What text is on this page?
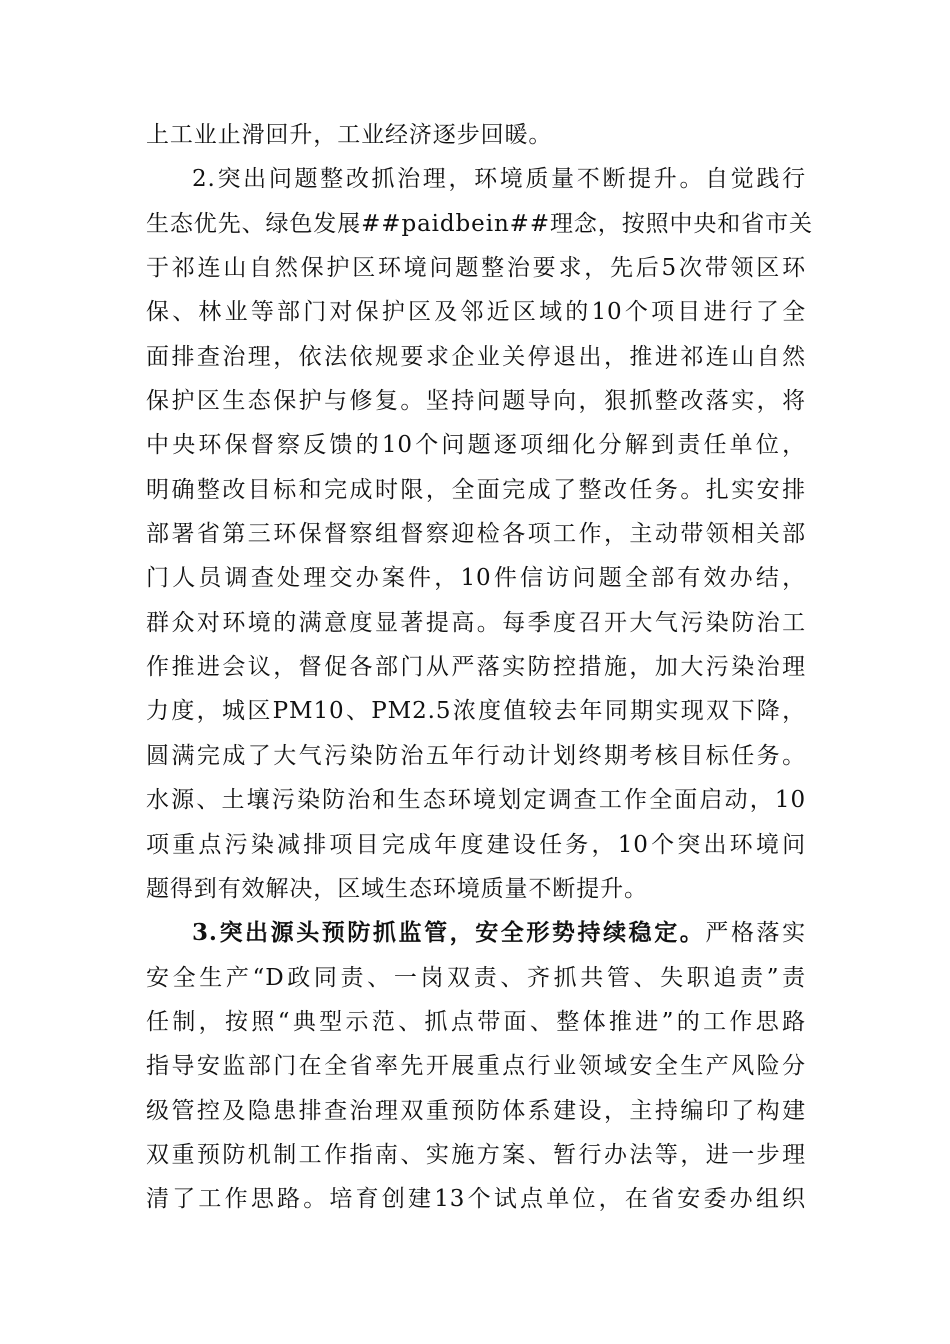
上工业止滑回升，工业经济逐步回暖。
2.突出问题整改抓治理，环境质量不断提升。自觉践行
生态优先、绿色发展##paidbein##理念，按照中央和省市关
于祁连山自然保护区环境问题整治要求，先后5次带领区环
保、林业等部门对保护区及邻近区域的10个项目进行了全
面排查治理，依法依规要求企业关停退出，推进祁连山自然
保护区生态保护与修复。坚持问题导向，狠抓整改落实，将
中央环保督察反馈的10个问题逐项细化分解到责任单位，
明确整改目标和完成时限，全面完成了整改任务。扎实安排
部署省第三环保督察组督察迎检各项工作，主动带领相关部
门人员调查处理交办案件，10件信访问题全部有效办结，
群众对环境的满意度显著提高。每季度召开大气污染防治工
作推进会议，督促各部门从严落实防控措施，加大污染治理
力度，城区PM10、PM2.5浓度值较去年同期实现双下降，
圆满完成了大气污染防治五年行动计划终期考核目标任务。
水源、土壤污染防治和生态环境划定调查工作全面启动，10
项重点污染减排项目完成年度建设任务，10个突出环境问
题得到有效解决，区域生态环境质量不断提升。
3.突出源头预防抓监管，安全形势持续稳定。严格落实
安全生产“D政同责、一岗双责、齐抓共管、失职追责”责
任制，按照“典型示范、抓点带面、整体推进”的工作思路
指导安监部门在全省率先开展重点行业领域安全生产风险分
级管控及隐患排查治理双重预防体系建设，主持编印了构建
双重预防机制工作指南、实施方案、暂行办法等，进一步理
清了工作思路。培育创建13个试点单位，在省安委办组织
